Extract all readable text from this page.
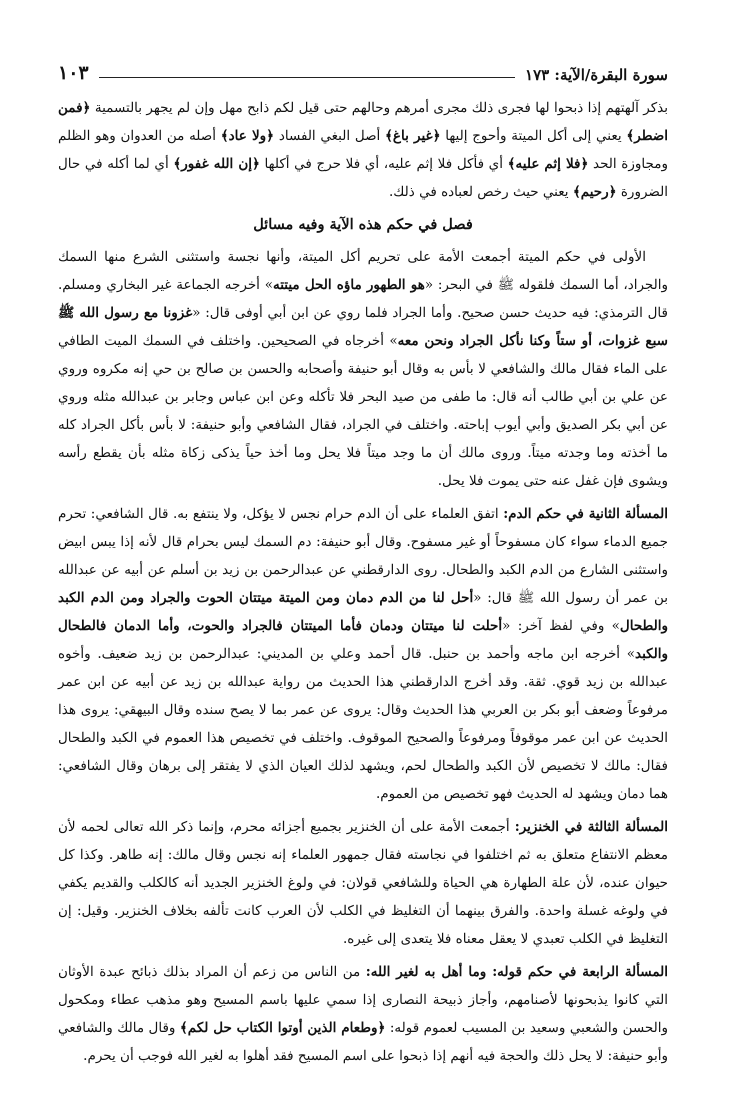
سورة البقرة/الآية: ١٧٣
١٠٣

بذكر آلهتهم إذا ذبحوا لها فجرى ذلك مجرى أمرهم وحالهم حتى قيل لكم ذابح مهل وإن لم يجهر بالتسمية ﴿فمن اضطر﴾ يعني إلى أكل الميتة وأحوج إليها ﴿غير باغ﴾ أصل البغي الفساد ﴿ولا عاد﴾ أصله من العدوان وهو الظلم ومجاوزة الحد ﴿فلا إثم عليه﴾ أي فأكل فلا إثم عليه، أي فلا حرج في أكلها ﴿إن الله غفور﴾ أي لما أكله في حال الضرورة ﴿رحيم﴾ يعني حيث رخص لعباده في ذلك.

فصل في حكم هذه الآية وفيه مسائل

الأولى في حكم الميتة أجمعت الأمة على تحريم أكل الميتة، وأنها نجسة واستثنى الشرع منها السمك والجراد، أما السمك فلقوله ﷺ في البحر: «هو الطهور ماؤه الحل ميتته» أخرجه الجماعة غير البخاري ومسلم. قال الترمذي: فيه حديث حسن صحيح. وأما الجراد فلما روي عن ابن أبي أوفى قال: «غزونا مع رسول الله ﷺ سبع غزوات، أو ستاً وكنا نأكل الجراد ونحن معه» أخرجاه في الصحيحين. واختلف في السمك الميت الطافي على الماء فقال مالك والشافعي لا بأس به وقال أبو حنيفة وأصحابه والحسن بن صالح بن حي إنه مكروه وروي عن علي بن أبي طالب أنه قال: ما طفى من صيد البحر فلا تأكله وعن ابن عباس وجابر بن عبدالله مثله وروي عن أبي بكر الصديق وأبي أيوب إباحته. واختلف في الجراد، فقال الشافعي وأبو حنيفة: لا بأس بأكل الجراد كله ما أخذته وما وجدته ميتاً. وروى مالك أن ما وجد ميتاً فلا يحل وما أخذ حياً يذكى زكاة مثله بأن يقطع رأسه ويشوى فإن غفل عنه حتى يموت فلا يحل.

المسألة الثانية في حكم الدم: اتفق العلماء على أن الدم حرام نجس لا يؤكل، ولا ينتفع به. قال الشافعي: تحرم جميع الدماء سواء كان مسفوحاً أو غير مسفوح. وقال أبو حنيفة: دم السمك ليس بحرام قال لأنه إذا يبس ابيض واستثنى الشارع من الدم الكبد والطحال. روى الدارقطني عن عبدالرحمن بن زيد بن أسلم عن أبيه عن عبدالله بن عمر أن رسول الله ﷺ قال: «أحل لنا من الدم دمان ومن الميتة ميتتان الحوت والجراد ومن الدم الكبد والطحال» وفي لفظ آخر: «أحلت لنا ميتتان ودمان فأما الميتتان فالجراد والحوت، وأما الدمان فالطحال والكبد» أخرجه ابن ماجه وأحمد بن حنبل. قال أحمد وعلي بن المديني: عبدالرحمن بن زيد ضعيف. وأخوه عبدالله بن زيد قوي. ثقة. وقد أخرج الدارقطني هذا الحديث من رواية عبدالله بن زيد عن أبيه عن ابن عمر مرفوعاً وضعف أبو بكر بن العربي هذا الحديث وقال: يروى عن عمر بما لا يصح سنده وقال البيهقي: يروى هذا الحديث عن ابن عمر موقوفاً ومرفوعاً والصحيح الموقوف. واختلف في تخصيص هذا العموم في الكبد والطحال فقال: مالك لا تخصيص لأن الكبد والطحال لحم، ويشهد لذلك العيان الذي لا يفتقر إلى برهان وقال الشافعي: هما دمان ويشهد له الحديث فهو تخصيص من العموم.

المسألة الثالثة في الخنزير: أجمعت الأمة على أن الخنزير بجميع أجزائه محرم، وإنما ذكر الله تعالى لحمه لأن معظم الانتفاع متعلق به ثم اختلفوا في نجاسته فقال جمهور العلماء إنه نجس وقال مالك: إنه طاهر. وكذا كل حيوان عنده، لأن علة الطهارة هي الحياة وللشافعي قولان: في ولوغ الخنزير الجديد أنه كالكلب والقديم يكفي في ولوغه غسلة واحدة. والفرق بينهما أن التغليظ في الكلب لأن العرب كانت تألفه بخلاف الخنزير. وقيل: إن التغليظ في الكلب تعبدي لا يعقل معناه فلا يتعدى إلى غيره.

المسألة الرابعة في حكم قوله: وما أهل به لغير الله: من الناس من زعم أن المراد بذلك ذبائح عبدة الأوثان التي كانوا يذبحونها لأصنامهم، وأجاز ذبيحة النصارى إذا سمي عليها باسم المسيح وهو مذهب عطاء ومكحول والحسن والشعبي وسعيد بن المسيب لعموم قوله: ﴿وطعام الذين أوتوا الكتاب حل لكم﴾ وقال مالك والشافعي وأبو حنيفة: لا يحل ذلك والحجة فيه أنهم إذا ذبحوا على اسم المسيح فقد أهلوا به لغير الله فوجب أن يحرم.
